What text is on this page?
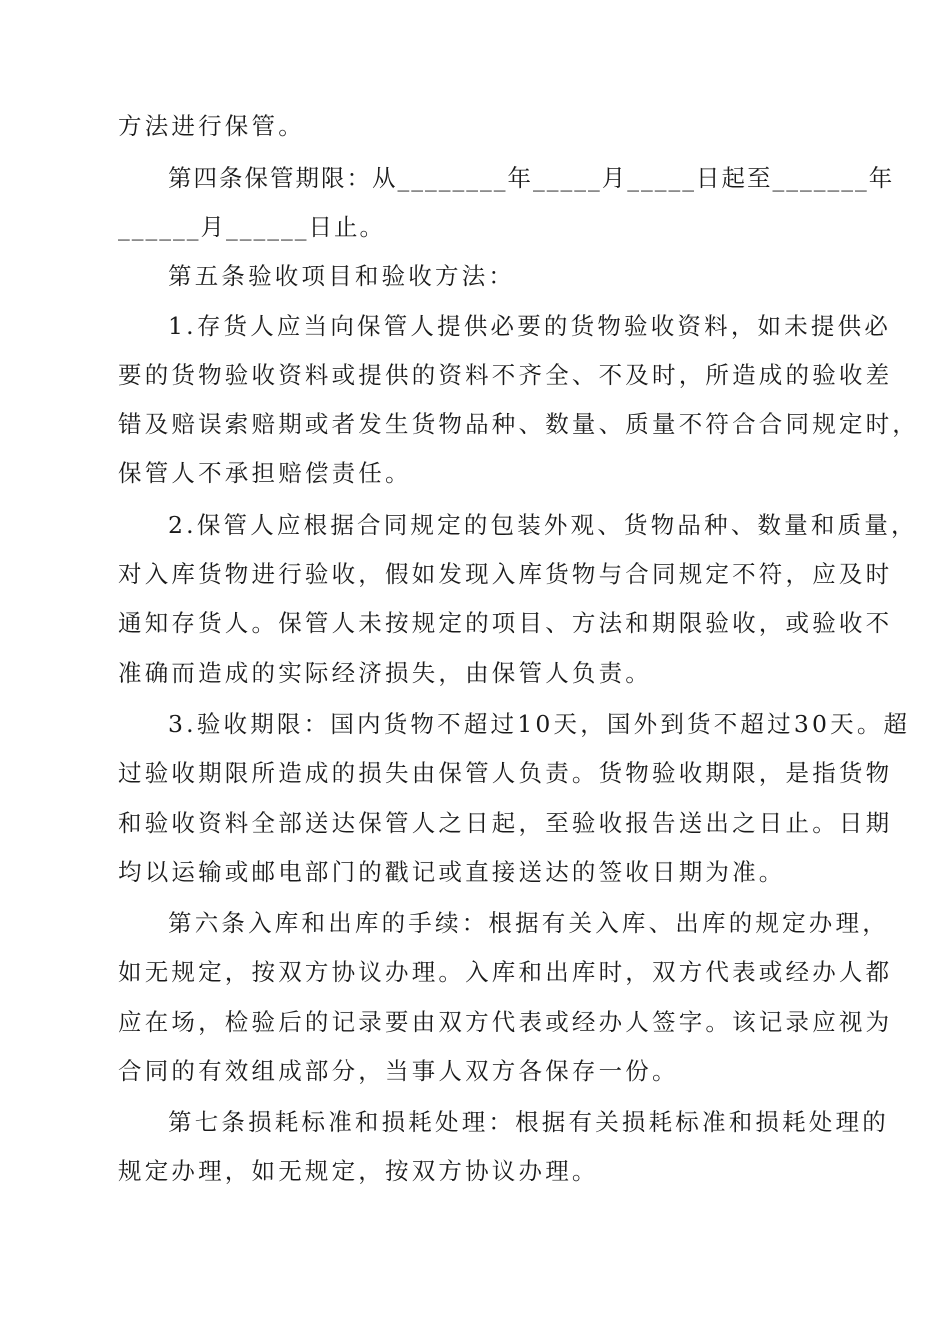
方法进行保管。
第四条保管期限：从________年_____月_____日起至_______年
______月______日止。
第五条验收项目和验收方法：
1.存货人应当向保管人提供必要的货物验收资料，如未提供必
要的货物验收资料或提供的资料不齐全、不及时，所造成的验收差
错及赔误索赔期或者发生货物品种、数量、质量不符合合同规定时，
保管人不承担赔偿责任。
2.保管人应根据合同规定的包装外观、货物品种、数量和质量，
对入库货物进行验收，假如发现入库货物与合同规定不符，应及时
通知存货人。保管人未按规定的项目、方法和期限验收，或验收不
准确而造成的实际经济损失，由保管人负责。
3.验收期限：国内货物不超过10天，国外到货不超过30天。超
过验收期限所造成的损失由保管人负责。货物验收期限，是指货物
和验收资料全部送达保管人之日起，至验收报告送出之日止。日期
均以运输或邮电部门的戳记或直接送达的签收日期为准。
第六条入库和出库的手续：根据有关入库、出库的规定办理，
如无规定，按双方协议办理。入库和出库时，双方代表或经办人都
应在场，检验后的记录要由双方代表或经办人签字。该记录应视为
合同的有效组成部分，当事人双方各保存一份。
第七条损耗标准和损耗处理：根据有关损耗标准和损耗处理的
规定办理，如无规定，按双方协议办理。
